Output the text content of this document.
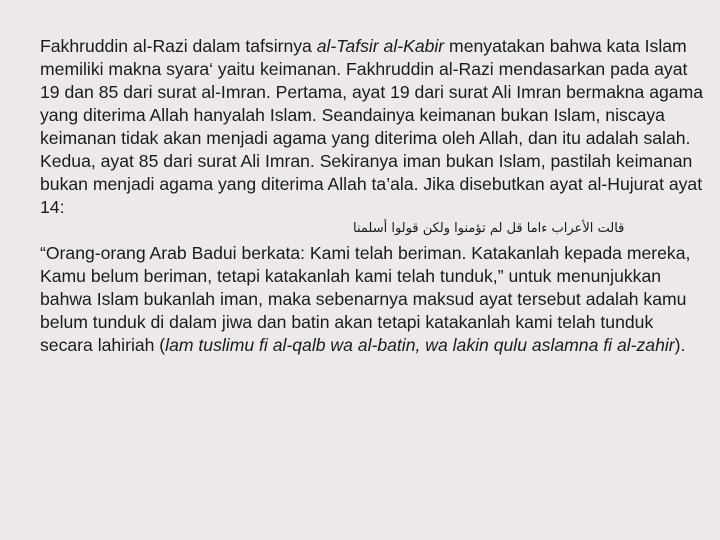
Fakhruddin al-Razi dalam tafsirnya al-Tafsir al-Kabir menyatakan bahwa kata Islam memiliki makna syara‘ yaitu keimanan. Fakhruddin al-Razi mendasarkan pada ayat 19 dan 85 dari surat al-Imran. Pertama, ayat 19 dari surat Ali Imran bermakna agama yang diterima Allah hanyalah Islam. Seandainya keimanan bukan Islam, niscaya keimanan tidak akan menjadi agama yang diterima oleh Allah, dan itu adalah salah. Kedua, ayat 85 dari surat Ali Imran. Sekiranya iman bukan Islam, pastilah keimanan bukan menjadi agama yang diterima Allah ta’ala. Jika disebutkan ayat al-Hujurat ayat 14:

قالت الأعراب ءاما قل لم تؤمنوا ولكن قولوا أسلمنا

“Orang-orang Arab Badui berkata: Kami telah beriman. Katakanlah kepada mereka, Kamu belum beriman, tetapi katakanlah kami telah tunduk,” untuk menunjukkan bahwa Islam bukanlah iman, maka sebenarnya maksud ayat tersebut adalah kamu belum tunduk di dalam jiwa dan batin akan tetapi katakanlah kami telah tunduk secara lahiriah (lam tuslimu fi al-qalb wa al-batin, wa lakin qulu aslamna fi al-zahir).
